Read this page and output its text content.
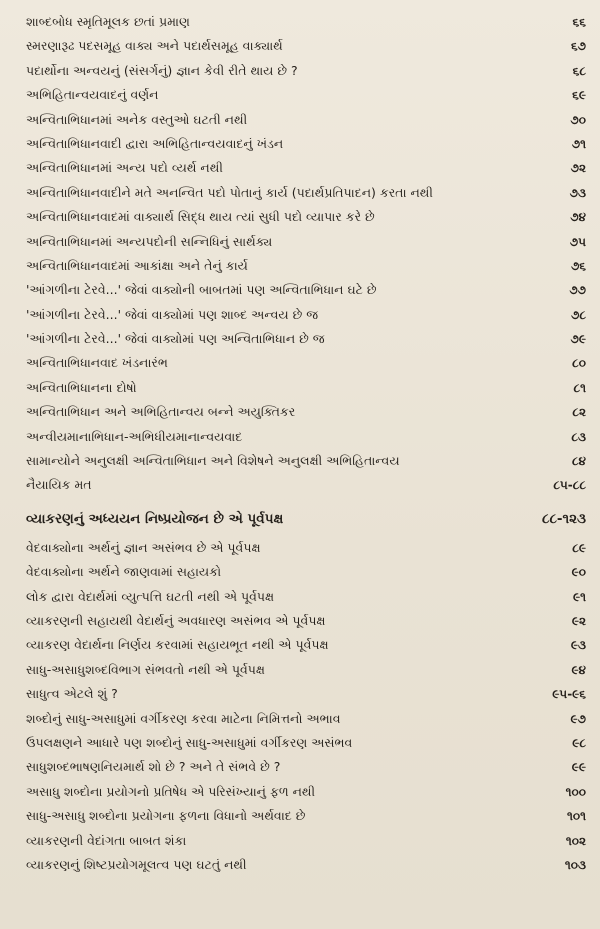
શાબ્દબોધ સ્મૃતિમૂલક છતાં પ્રમાણ	૬૬
સ્મરણારૂઢ પદસમૂહ વાક્ય અને પદાર્થસમૂહ વાક્યાર્થ	૬૭
પદાર્થોના અન્વયનું (સંસર્ગનું) જ્ઞાન કેવી રીતે થાય છે ?	૬૮
અભિહિતાન્વયવાદનું વર્ણન	૬૯
અન્વિતાભિધાનમાં અનેક વસ્તુઓ ઘટતી નથી	૭૦
અન્વિતાભિધાનવાદી દ્વારા અભિહિતાન્વયવાદનું ખંડન	૭૧
અન્વિતાભિધાનમાં અન્ય પદો વ્યર્થ નથી	૭૨
અન્વિતાભિધાનવાદીને મતે અનન્વિત પદો પોતાનું કાર્ય (પદાર્થપ્રતિપાદન) કરતા નથી	૭૩
અન્વિતાભિધાનવાદમાં વાક્યાર્થ સિદ્ધ થાય ત્યાં સુધી પદો વ્યાપાર કરે છે	૭૪
અન્વિતાભિધાનમાં અન્યપદોની સન્નિધિનું સાર્થક્ય	૭૫
અન્વિતાભિધાનવાદમાં આકાંક્ષા અને તેનું કાર્ય	૭૬
'આંગળીના ટેરવે...' જેવાં વાક્યોની બાબતમાં પણ અન્વિતાભિધાન ઘટે છે	૭૭
'આંગળીના ટેરવે...' જેવાં વાક્યોમાં પણ શાબ્દ અન્વય છે જ	૭૮
'આંગળીના ટેરવે...' જેવાં વાક્યોમાં પણ અન્વિતાભિધાન છે જ	૭૯
અન્વિતાભિધાનવાદ ખંડનારંભ	૮૦
અન્વિતાભિધાનના દોષો	૮૧
અન્વિતાભિધાન અને અભિહિતાન્વય બન્ને અયુક્તિકર	૮૨
અન્વીયમાનાભિધાન-અભિધીયમાનાન્વયવાદ	૮૩
સામાન્યોને અનુલક્ષી અન્વિતાભિધાન અને વિશેષને અનુલક્ષી અભિહિતાન્વય	૮૪
નૈયાયિક મત	૮૫-૮૮
વ્યાકરણનું અધ્યયન નિષ્પ્રયોજન છે એ પૂર્વપક્ષ	૮૮-૧૨૩
વેદવાક્યોના અર્થનું જ્ઞાન અસંભવ છે એ પૂર્વપક્ષ	૮૯
વેદવાક્યોના અર્થને જાણવામાં સહાયકો	૯૦
લોક દ્વારા વેદાર્થમાં વ્યુત્પત્તિ ઘટતી નથી એ પૂર્વપક્ષ	૯૧
વ્યાકરણની સહાયથી વેદાર્થનું અવધારણ અસંભવ એ પૂર્વપક્ષ	૯૨
વ્યાકરણ વેદાર્થના નિર્ણય કરવામાં સહાયભૂત નથી એ પૂર્વપક્ષ	૯૩
સાધુ-અસાધુશબ્દવિભાગ સંભવતો નથી એ પૂર્વપક્ષ	૯૪
સાધુત્વ એટલે શું ?	૯૫-૯૬
શબ્દોનું સાધુ-અસાધુમાં વર્ગીકરણ કરવા માટેના નિમિત્તનો અભાવ	૯૭
ઉપલક્ષણને આધારે પણ શબ્દોનું સાધુ-અસાધુમાં વર્ગીકરણ અસંભવ	૯૮
સાધુશબ્દભાષણનિયમાર્થ શો છે ? અને તે સંભવે છે ?	૯૯
અસાધુ શબ્દોના પ્રયોગનો પ્રતિષેધ એ પરિસંખ્યાનું ફળ નથી	૧૦૦
સાધુ-અસાધુ શબ્દોના પ્રયોગના ફળના વિધાનો અર્થવાદ છે	૧૦૧
વ્યાકરણની વેદાંગતા બાબત શંકા	૧૦૨
વ્યાકરણનું શિષ્ટપ્રયોગમૂલત્વ પણ ઘટતું નથી	૧૦૩
